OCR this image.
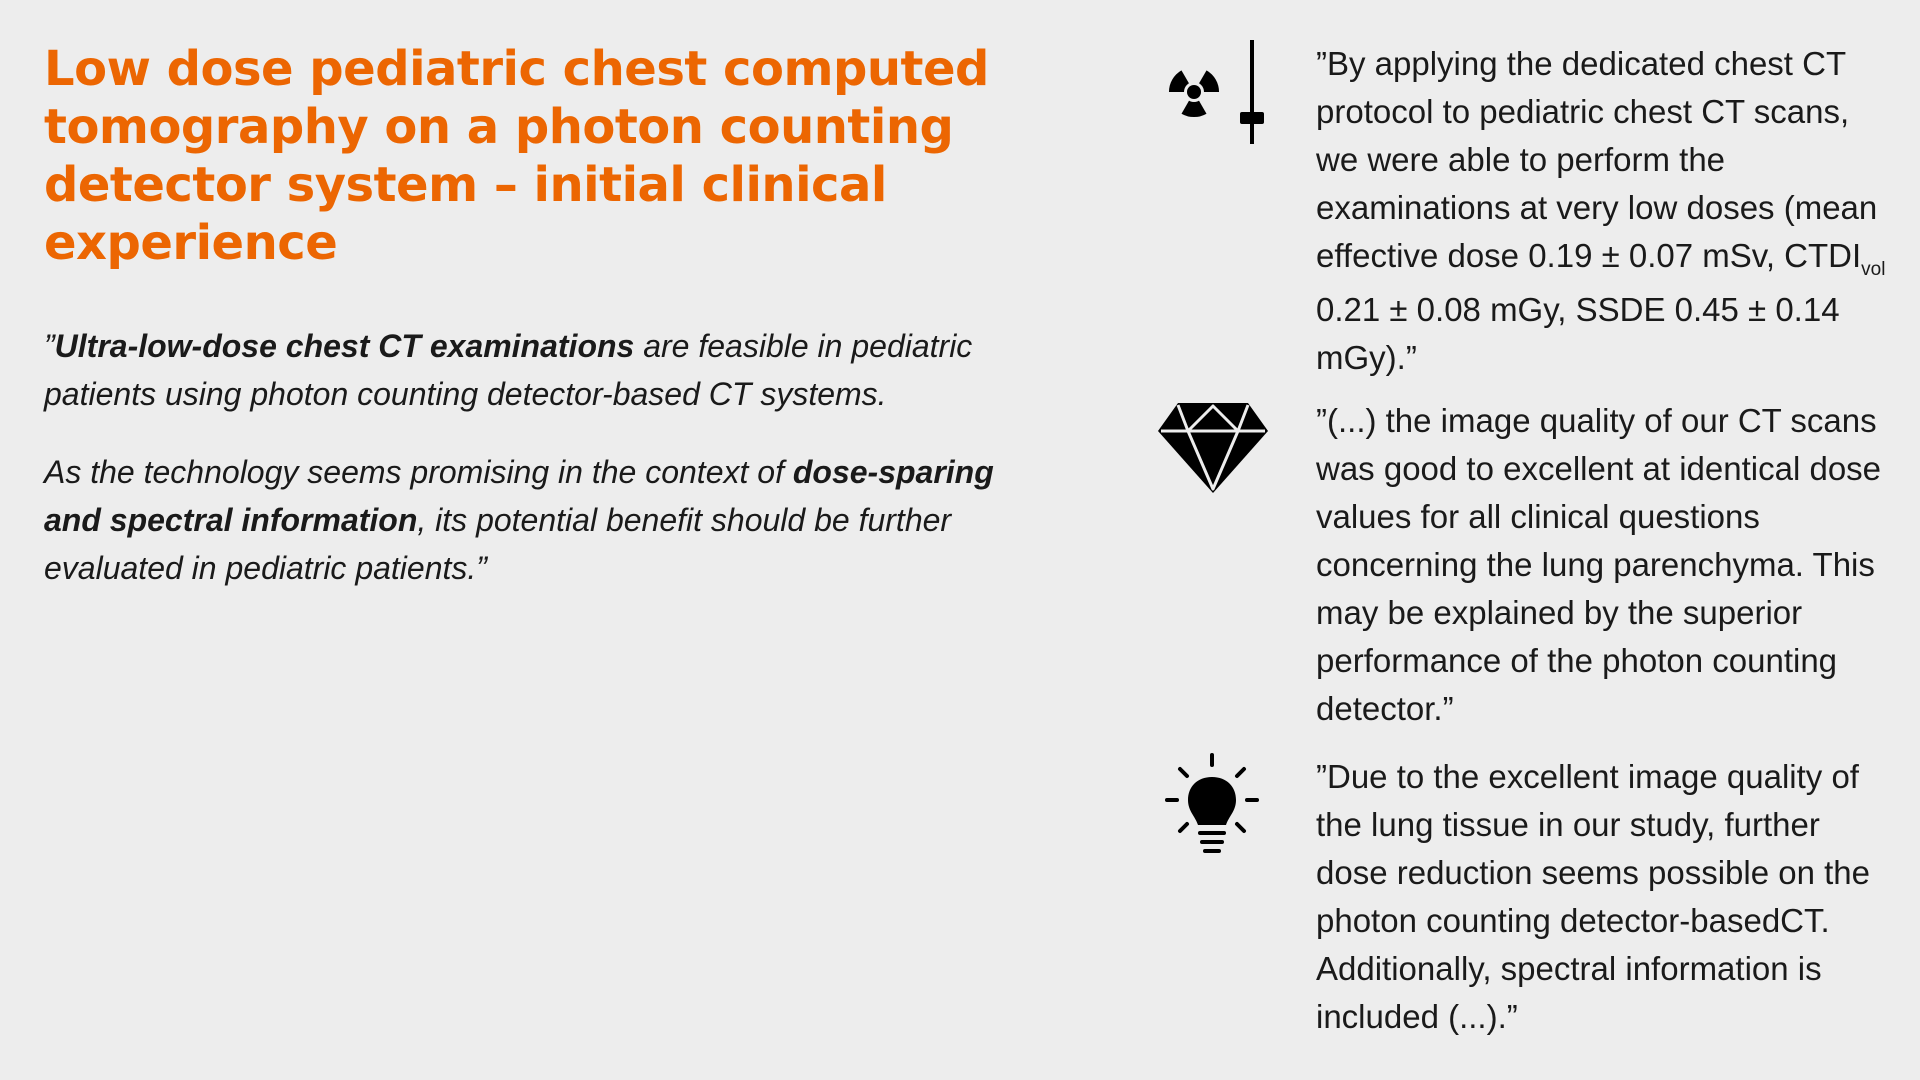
Low dose pediatric chest computed tomography on a photon counting detector system – initial clinical experience

”Ultra-low-dose chest CT examinations are feasible in pediatric patients using photon counting detector-based CT systems.

As the technology seems promising in the context of dose-sparing and spectral information, its potential benefit should be further evaluated in pediatric patients.”

”By applying the dedicated chest CT protocol to pediatric chest CT scans, we were able to perform the examinations at very low doses (mean effective dose 0.19 ± 0.07 mSv, $CTDI_{vol}$ 0.21 ± 0.08 mGy, SSDE 0.45 ± 0.14 mGy).”
”(...) the image quality of our CT scans was good to excellent at identical dose values for all clinical questions concerning the lung parenchyma. This may be explained by the superior performance of the photon counting detector.”
”Due to the excellent image quality of the lung tissue in our study, further dose reduction seems possible on the photon counting detector-basedCT. Additionally, spectral information is included (...).”
